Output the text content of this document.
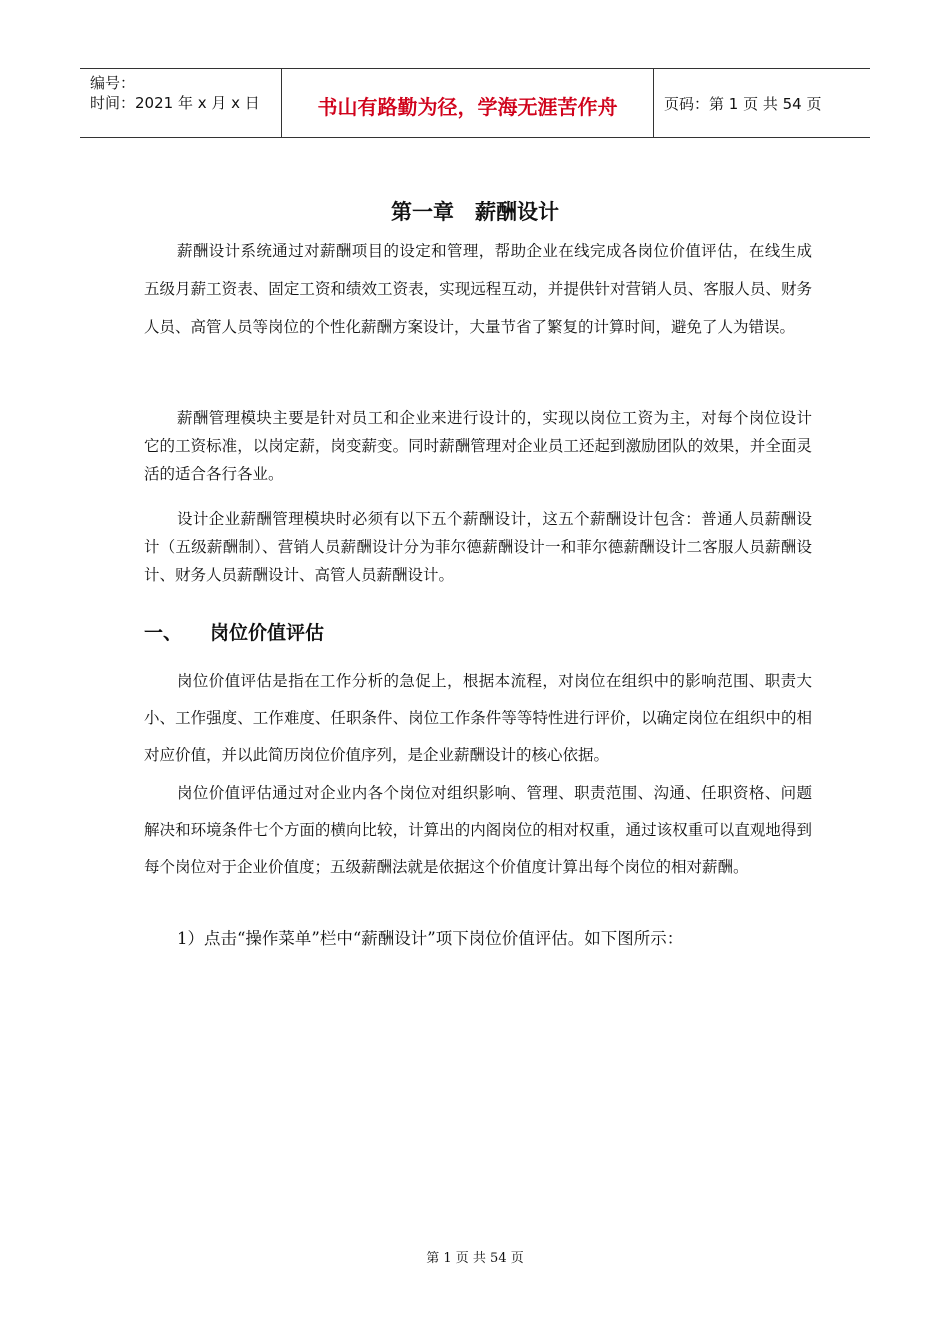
编号：
时间：2021 年 x 月 x 日	书山有路勤为径，学海无涯苦作舟	页码：第 1 页 共 54 页
第一章　薪酬设计

薪酬设计系统通过对薪酬项目的设定和管理，帮助企业在线完成各岗位价值评估，在线生成五级月薪工资表、固定工资和绩效工资表，实现远程互动，并提供针对营销人员、客服人员、财务人员、高管人员等岗位的个性化薪酬方案设计，大量节省了繁复的计算时间，避免了人为错误。

薪酬管理模块主要是针对员工和企业来进行设计的，实现以岗位工资为主，对每个岗位设计它的工资标准，以岗定薪，岗变薪变。同时薪酬管理对企业员工还起到激励团队的效果，并全面灵活的适合各行各业。

设计企业薪酬管理模块时必须有以下五个薪酬设计，这五个薪酬设计包含：普通人员薪酬设计（五级薪酬制）、营销人员薪酬设计分为菲尔德薪酬设计一和菲尔德薪酬设计二客服人员薪酬设计、财务人员薪酬设计、高管人员薪酬设计。

一、 岗位价值评估

岗位价值评估是指在工作分析的急促上，根据本流程，对岗位在组织中的影响范围、职责大小、工作强度、工作难度、任职条件、岗位工作条件等等特性进行评价，以确定岗位在组织中的相对应价值，并以此简历岗位价值序列，是企业薪酬设计的核心依据。

岗位价值评估通过对企业内各个岗位对组织影响、管理、职责范围、沟通、任职资格、问题解决和环境条件七个方面的横向比较，计算出的内阁岗位的相对权重，通过该权重可以直观地得到每个岗位对于企业价值度；五级薪酬法就是依据这个价值度计算出每个岗位的相对薪酬。

1）点击“操作菜单”栏中“薪酬设计”项下岗位价值评估。如下图所示：

第 1 页 共 54 页
